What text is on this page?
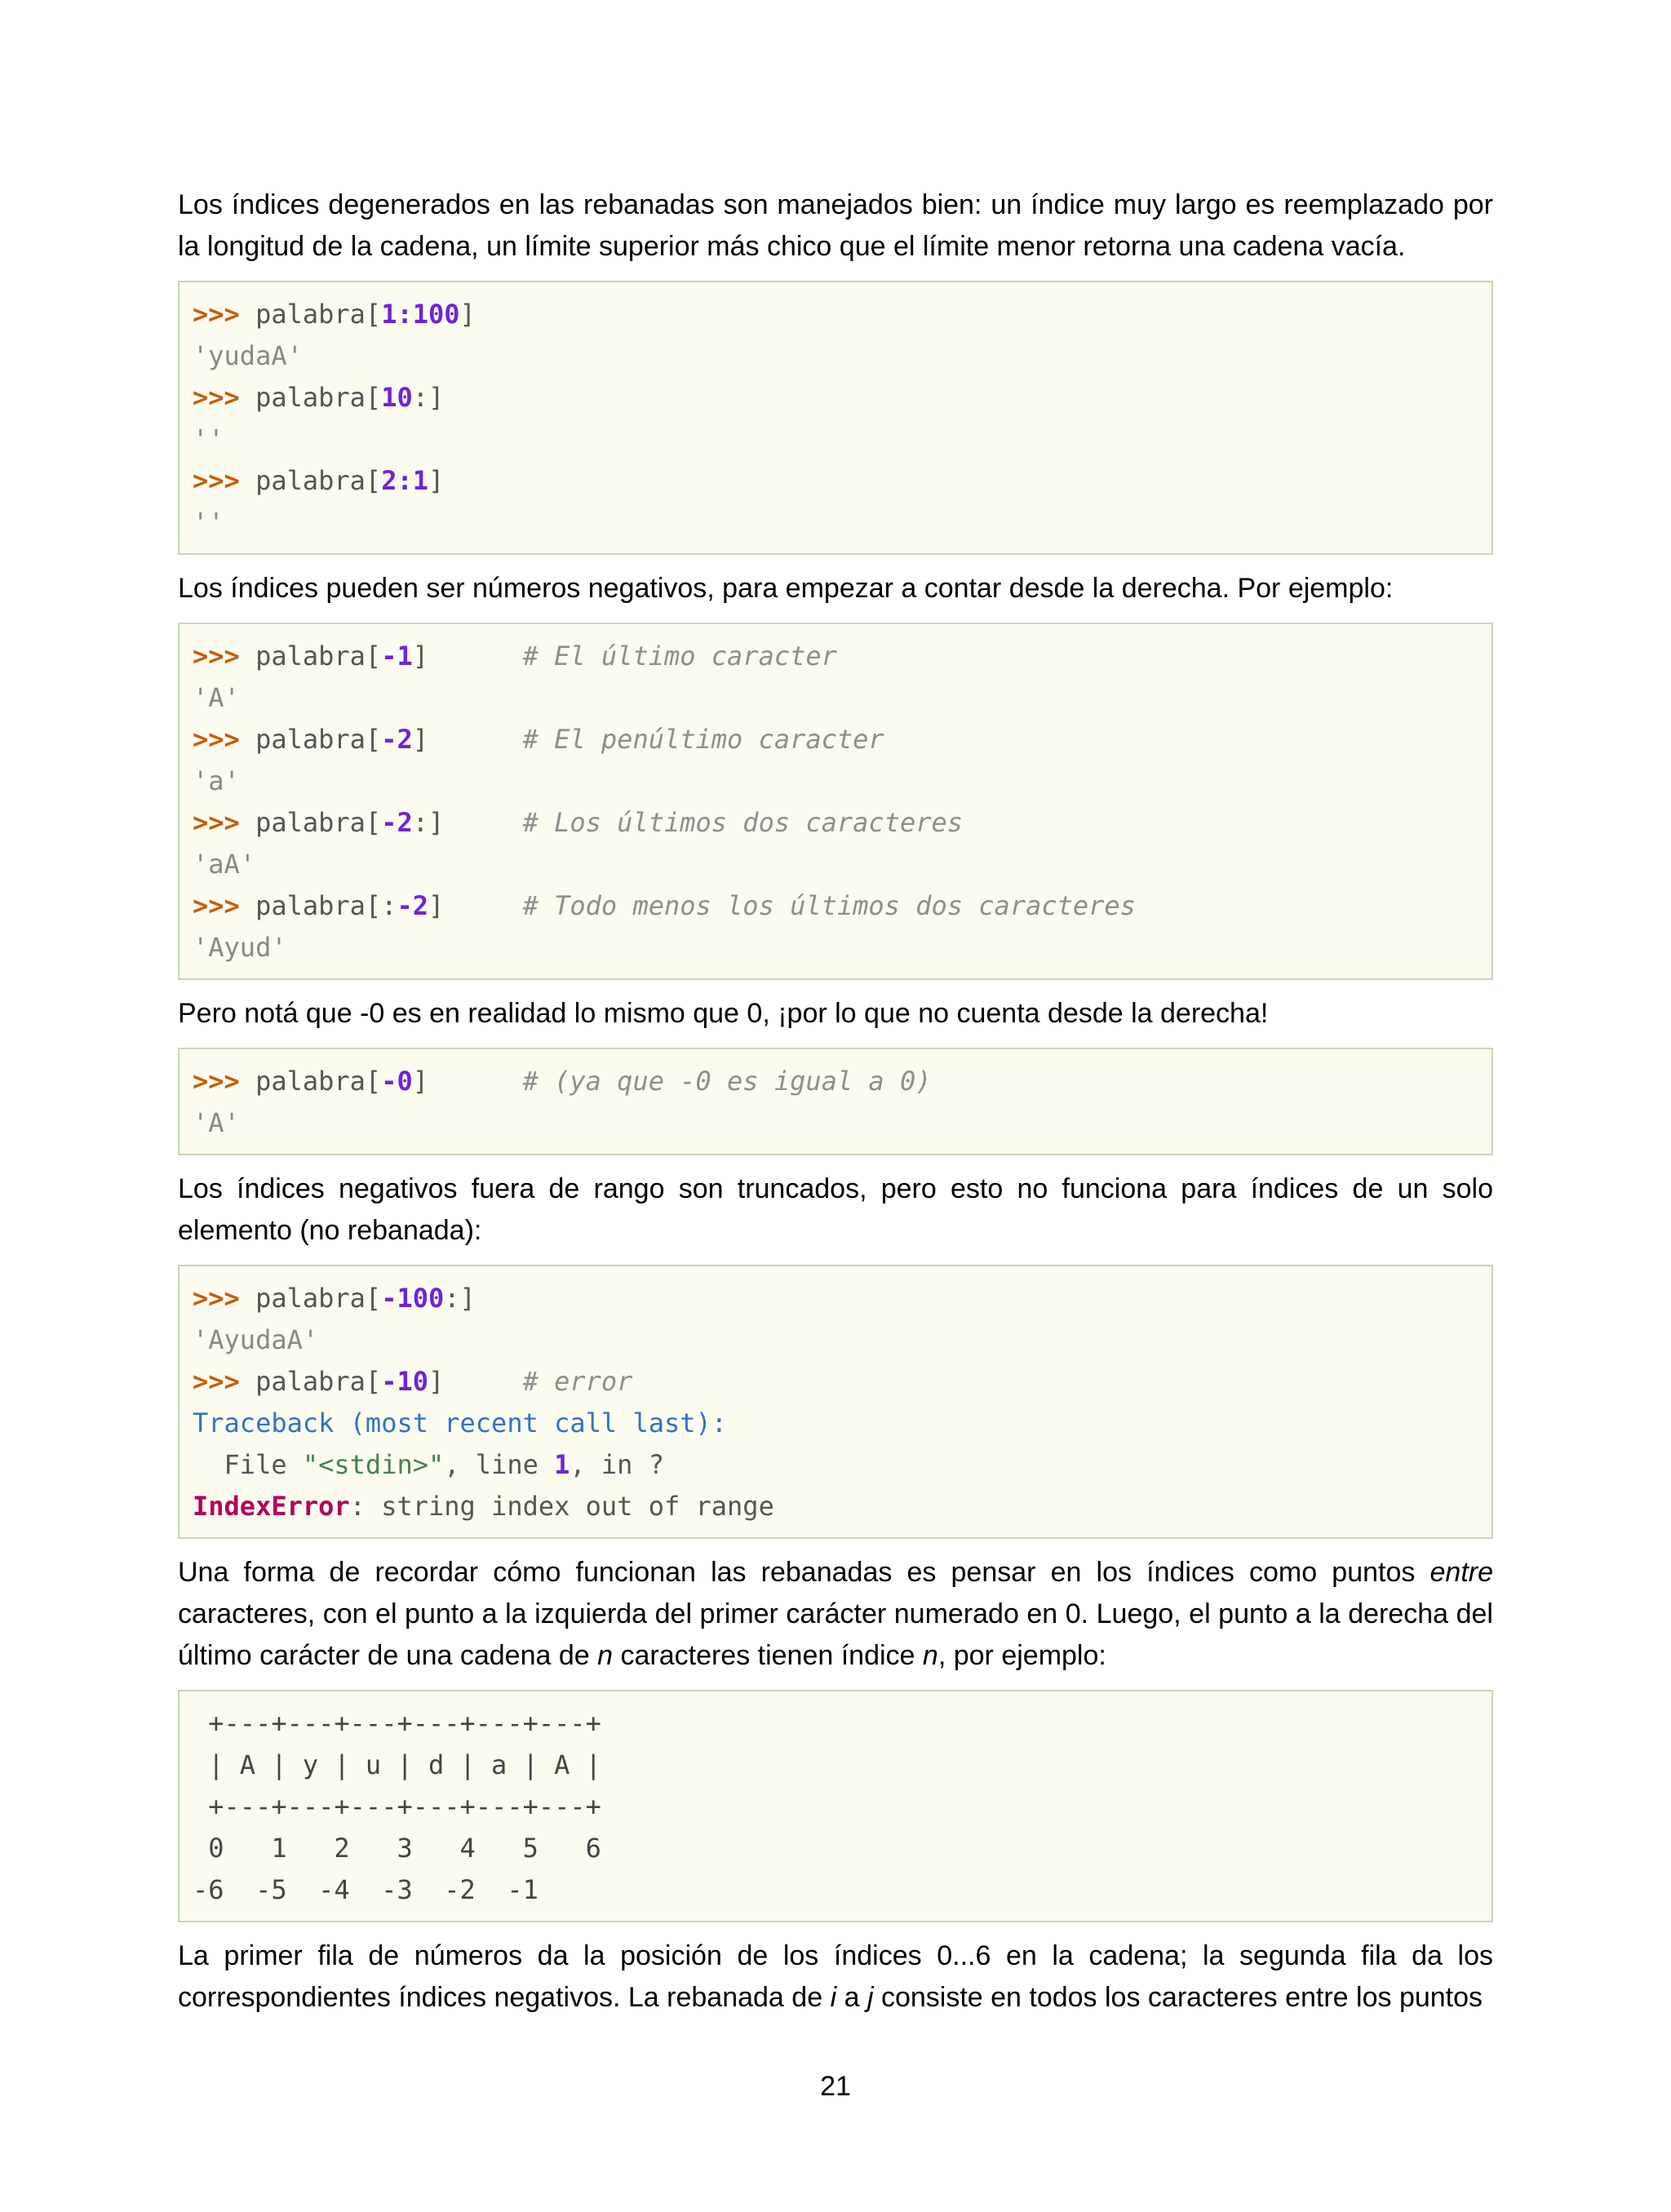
Los índices degenerados en las rebanadas son manejados bien: un índice muy largo es reemplazado por la longitud de la cadena, un límite superior más chico que el límite menor retorna una cadena vacía.

>>> palabra[1:100]
'yudaA'
>>> palabra[10:]
''
>>> palabra[2:1]
''

Los índices pueden ser números negativos, para empezar a contar desde la derecha. Por ejemplo:

>>> palabra[-1]      # El último caracter
'A'
>>> palabra[-2]      # El penúltimo caracter
'a'
>>> palabra[-2:]     # Los últimos dos caracteres
'aA'
>>> palabra[:-2]     # Todo menos los últimos dos caracteres
'Ayud'

Pero notá que -0 es en realidad lo mismo que 0, ¡por lo que no cuenta desde la derecha!

>>> palabra[-0]      # (ya que -0 es igual a 0)
'A'

Los índices negativos fuera de rango son truncados, pero esto no funciona para índices de un solo elemento (no rebanada):

>>> palabra[-100:]
'AyudaA'
>>> palabra[-10]     # error
Traceback (most recent call last):
File "<stdin>", line 1, in ?
IndexError: string index out of range

Una forma de recordar cómo funcionan las rebanadas es pensar en los índices como puntos entre caracteres, con el punto a la izquierda del primer carácter numerado en 0. Luego, el punto a la derecha del último carácter de una cadena de n caracteres tienen índice n, por ejemplo:

+---+---+---+---+---+---+
| A | y | u | d | a | A |
+---+---+---+---+---+---+
0   1   2   3   4   5   6
-6  -5  -4  -3  -2  -1

La primer fila de números da la posición de los índices 0...6 en la cadena; la segunda fila da los correspondientes índices negativos. La rebanada de i a j consiste en todos los caracteres entre los puntos

21
